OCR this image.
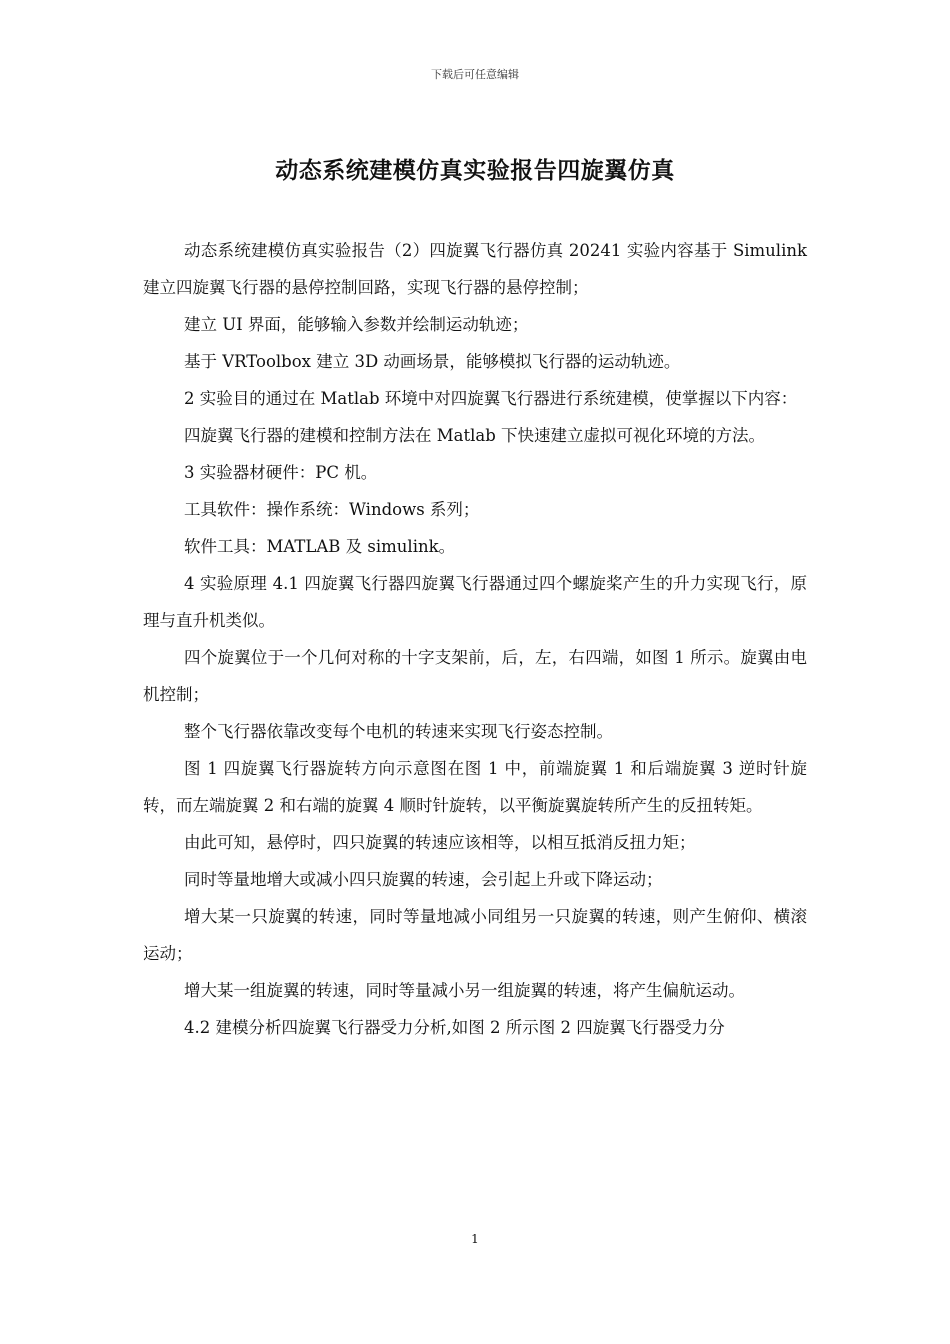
下载后可任意编辑
动态系统建模仿真实验报告四旋翼仿真

动态系统建模仿真实验报告（2）四旋翼飞行器仿真 20241 实验内容基于 Simulink 建立四旋翼飞行器的悬停控制回路，实现飞行器的悬停控制；

建立 UI 界面，能够输入参数并绘制运动轨迹；

基于 VRToolbox 建立 3D 动画场景，能够模拟飞行器的运动轨迹。

2 实验目的通过在 Matlab 环境中对四旋翼飞行器进行系统建模，使掌握以下内容：

四旋翼飞行器的建模和控制方法在 Matlab 下快速建立虚拟可视化环境的方法。

3 实验器材硬件：PC 机。

工具软件：操作系统：Windows 系列；

软件工具：MATLAB 及 simulink。

4 实验原理 4.1 四旋翼飞行器四旋翼飞行器通过四个螺旋桨产生的升力实现飞行，原理与直升机类似。

四个旋翼位于一个几何对称的十字支架前，后，左，右四端，如图 1 所示。旋翼由电机控制；

整个飞行器依靠改变每个电机的转速来实现飞行姿态控制。

图 1 四旋翼飞行器旋转方向示意图在图 1 中，前端旋翼 1 和后端旋翼 3 逆时针旋转，而左端旋翼 2 和右端的旋翼 4 顺时针旋转，以平衡旋翼旋转所产生的反扭转矩。

由此可知，悬停时，四只旋翼的转速应该相等，以相互抵消反扭力矩；

同时等量地增大或减小四只旋翼的转速，会引起上升或下降运动；

增大某一只旋翼的转速，同时等量地减小同组另一只旋翼的转速，则产生俯仰、横滚运动；

增大某一组旋翼的转速，同时等量减小另一组旋翼的转速，将产生偏航运动。

4.2 建模分析四旋翼飞行器受力分析,如图 2 所示图 2 四旋翼飞行器受力分

1
